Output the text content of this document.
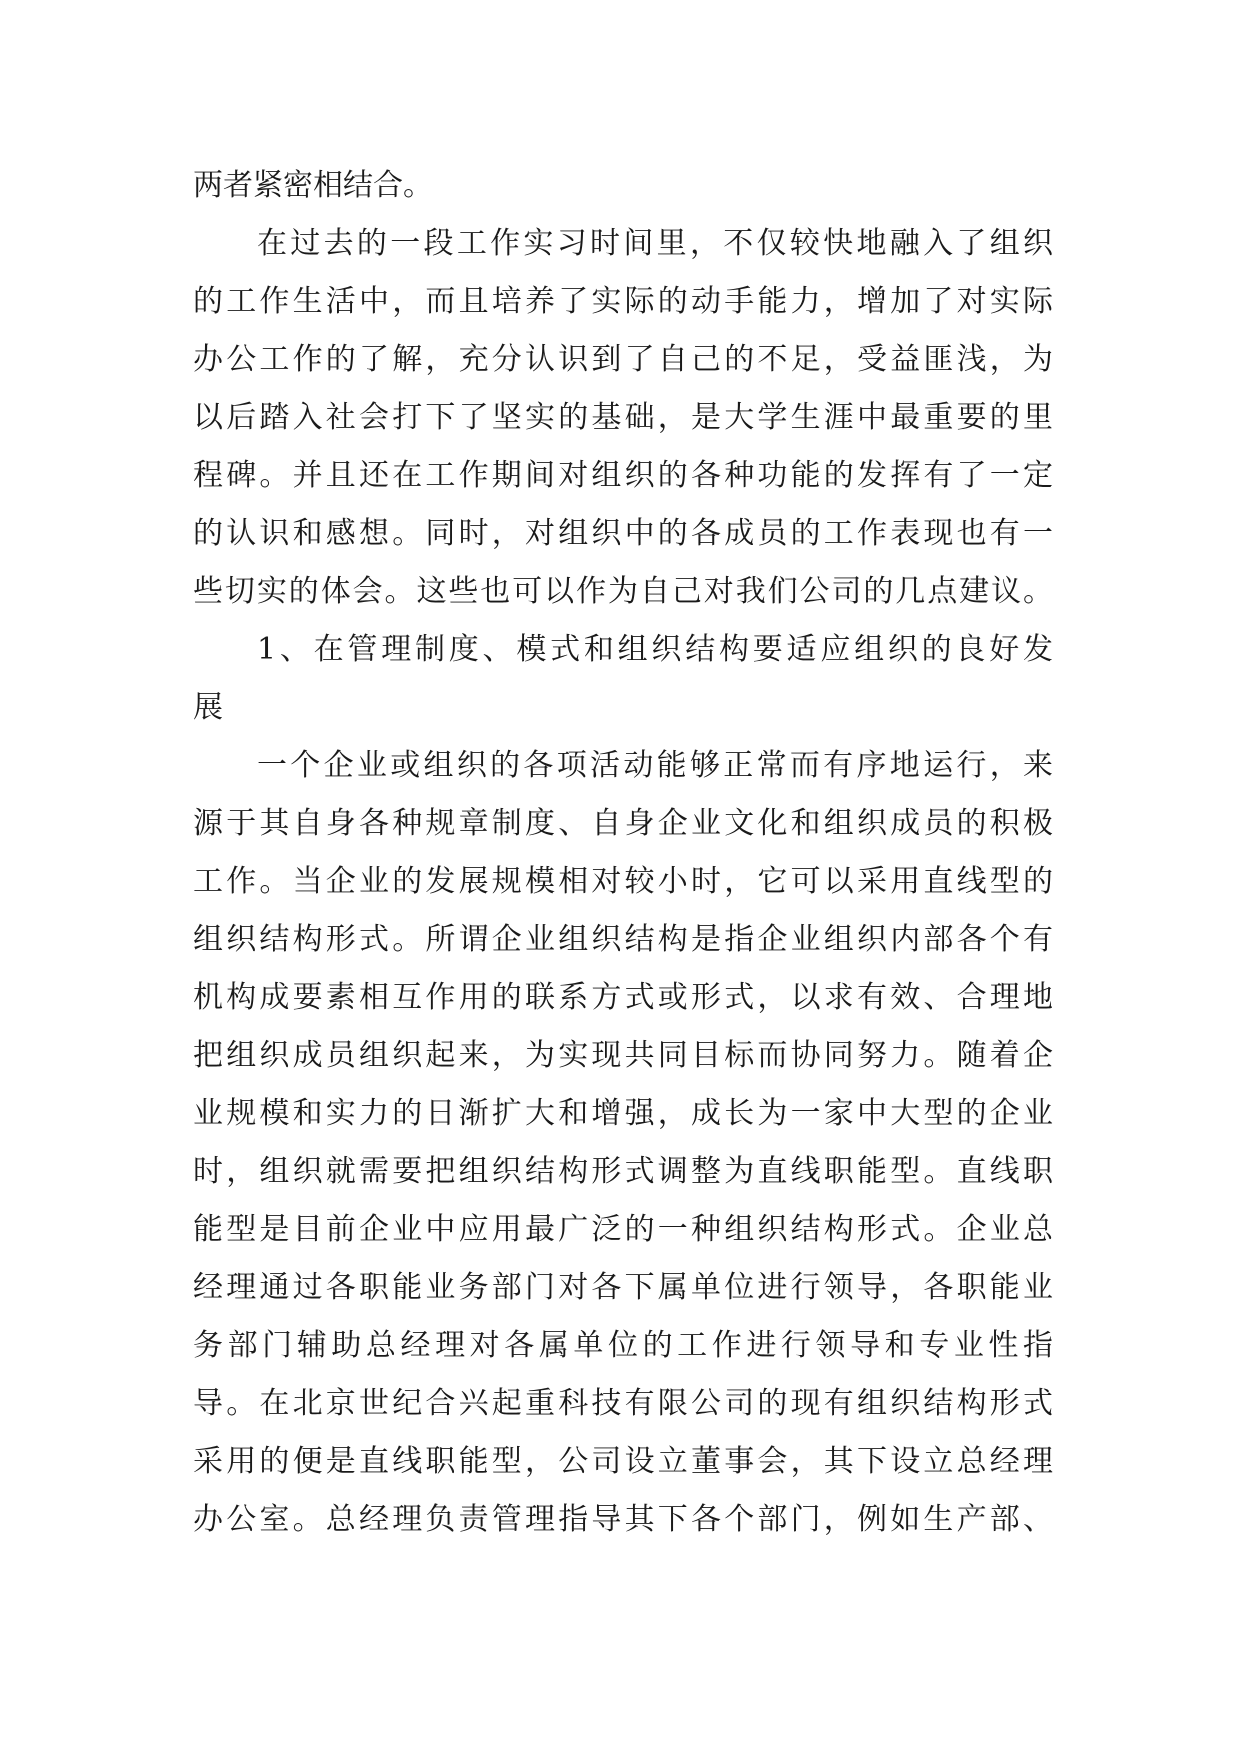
两者紧密相结合。
在过去的一段工作实习时间里，不仅较快地融入了组织
的工作生活中，而且培养了实际的动手能力，增加了对实际
办公工作的了解，充分认识到了自己的不足，受益匪浅，为
以后踏入社会打下了坚实的基础，是大学生涯中最重要的里
程碑。并且还在工作期间对组织的各种功能的发挥有了一定
的认识和感想。同时，对组织中的各成员的工作表现也有一
些切实的体会。这些也可以作为自己对我们公司的几点建议。
1、在管理制度、模式和组织结构要适应组织的良好发
展
一个企业或组织的各项活动能够正常而有序地运行，来
源于其自身各种规章制度、自身企业文化和组织成员的积极
工作。当企业的发展规模相对较小时，它可以采用直线型的
组织结构形式。所谓企业组织结构是指企业组织内部各个有
机构成要素相互作用的联系方式或形式，以求有效、合理地
把组织成员组织起来，为实现共同目标而协同努力。随着企
业规模和实力的日渐扩大和增强，成长为一家中大型的企业
时，组织就需要把组织结构形式调整为直线职能型。直线职
能型是目前企业中应用最广泛的一种组织结构形式。企业总
经理通过各职能业务部门对各下属单位进行领导，各职能业
务部门辅助总经理对各属单位的工作进行领导和专业性指
导。在北京世纪合兴起重科技有限公司的现有组织结构形式
采用的便是直线职能型，公司设立董事会，其下设立总经理
办公室。总经理负责管理指导其下各个部门，例如生产部、
